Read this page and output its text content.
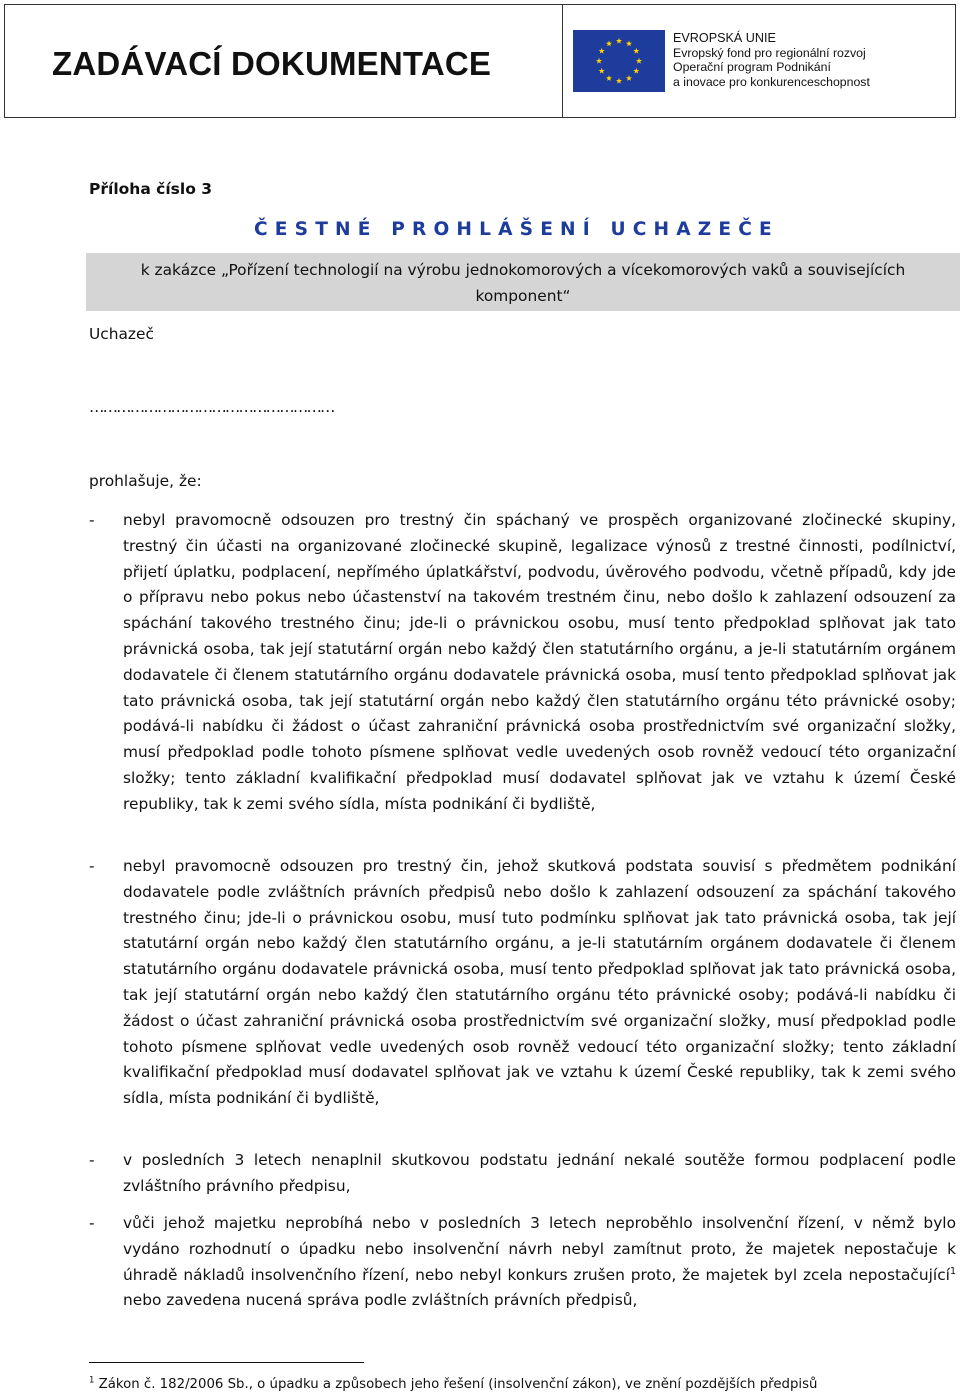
ZADÁVACÍ DOKUMENTACE
EVROPSKÁ UNIE
Evropský fond pro regionální rozvoj
Operační program Podnikání
a inovace pro konkurenceschopnost
Příloha číslo 3
ČESTNÉ PROHLÁŠENÍ UCHAZEČE
k zakázce „Pořízení technologií na výrobu jednokomorových a vícekomorových vaků a souvisejících
komponent“
Uchazeč
………………………………………………
prohlašuje, že:
- nebyl pravomocně odsouzen pro trestný čin spáchaný ve prospěch organizované zločinecké skupiny, trestný čin účasti na organizované zločinecké skupině, legalizace výnosů z trestné činnosti, podílnictví, přijetí úplatku, podplacení, nepřímého úplatkářství, podvodu, úvěrového podvodu, včetně případů, kdy jde o přípravu nebo pokus nebo účastenství na takovém trestném činu, nebo došlo k zahlazení odsouzení za spáchání takového trestného činu; jde-li o právnickou osobu, musí tento předpoklad splňovat jak tato právnická osoba, tak její statutární orgán nebo každý člen statutárního orgánu, a je-li statutárním orgánem dodavatele či členem statutárního orgánu dodavatele právnická osoba, musí tento předpoklad splňovat jak tato právnická osoba, tak její statutární orgán nebo každý člen statutárního orgánu této právnické osoby; podává-li nabídku či žádost o účast zahraniční právnická osoba prostřednictvím své organizační složky, musí předpoklad podle tohoto písmene splňovat vedle uvedených osob rovněž vedoucí této organizační složky; tento základní kvalifikační předpoklad musí dodavatel splňovat jak ve vztahu k území České republiky, tak k zemi svého sídla, místa podnikání či bydliště,
- nebyl pravomocně odsouzen pro trestný čin, jehož skutková podstata souvisí s předmětem podnikání dodavatele podle zvláštních právních předpisů nebo došlo k zahlazení odsouzení za spáchání takového trestného činu; jde-li o právnickou osobu, musí tuto podmínku splňovat jak tato právnická osoba, tak její statutární orgán nebo každý člen statutárního orgánu, a je-li statutárním orgánem dodavatele či členem statutárního orgánu dodavatele právnická osoba, musí tento předpoklad splňovat jak tato právnická osoba, tak její statutární orgán nebo každý člen statutárního orgánu této právnické osoby; podává-li nabídku či žádost o účast zahraniční právnická osoba prostřednictvím své organizační složky, musí předpoklad podle tohoto písmene splňovat vedle uvedených osob rovněž vedoucí této organizační složky; tento základní kvalifikační předpoklad musí dodavatel splňovat jak ve vztahu k území České republiky, tak k zemi svého sídla, místa podnikání či bydliště,
- v posledních 3 letech nenaplnil skutkovou podstatu jednání nekalé soutěže formou podplacení podle zvláštního právního předpisu,
- vůči jehož majetku neprobíhá nebo v posledních 3 letech neproběhlo insolvenční řízení, v němž bylo vydáno rozhodnutí o úpadku nebo insolvenční návrh nebyl zamítnut proto, že majetek nepostačuje k úhradě nákladů insolvenčního řízení, nebo nebyl konkurs zrušen proto, že majetek byl zcela nepostačující$^1$ nebo zavedena nucená správa podle zvláštních právních předpisů,
$^1$ Zákon č. 182/2006 Sb., o úpadku a způsobech jeho řešení (insolvenční zákon), ve znění pozdějších předpisů
